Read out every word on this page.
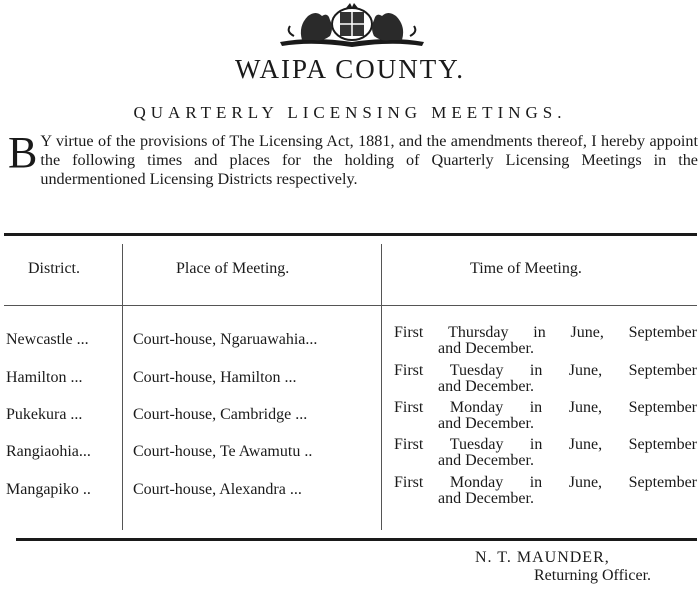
WAIPA COUNTY.
QUARTERLY LICENSING MEETINGS.
B Y virtue of the provisions of The Licensing Act, 1881, and the amendments thereof, I hereby appoint the following times and places for the holding of Quarterly Licensing Meetings in the undermentioned Licensing Districts respectively.
District.	Place of Meeting.	Time of Meeting.
Newcastle ...	Court-house, Ngaruawahia...	First Thursday in June, September
and December.
Hamilton ...	Court-house, Hamilton ...	First Tuesday in June, September
and December.
Pukekura ...	Court-house, Cambridge ...	First Monday in June, September
and December.
Rangiaohia...	Court-house, Te Awamutu ..	First Tuesday in June, September
and December.
Mangapiko ..	Court-house, Alexandra ...	First Monday in June, September
and December.
N. T. MAUNDER,
Returning Officer.
